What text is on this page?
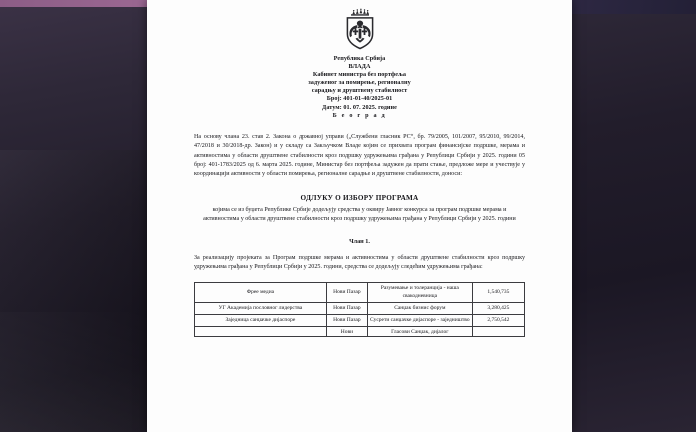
Република Србија
ВЛАДА
Кабинет министра без портфеља
задуженог за помирење, регионалну
сарадњу и друштвену стабилност
Број: 401-01-40/2025-01
Датум: 01. 07. 2025. године
Б е о г р а д

На основу члана 23. став 2. Закона о државној управи („Службени гласник РС“, бр. 79/2005, 101/2007, 95/2010, 99/2014, 47/2018 и 30/2018-др. Закон) и у складу са Закључком Владе којим се прихвата програм финансијске подршке, мерама и активностима у области друштвене стабилности кроз подршку удружењима грађана у Републици Србији у 2025. години 05 број: 401-1783/2025 од 6. марта 2025. године, Министар без портфеља задужен да прати стање, предложе мере и учествује у координацији активности у области помирења, регионалне сарадње и друштвене стабилности, доноси:

ОДЛУКУ О ИЗБОРУ ПРОГРАМА
којима се из буџета Републике Србије додељују средства у оквиру Јавног конкурса за програм подршке мерама и активностима у области друштвене стабилности кроз подршку удружењима грађана у Републици Србији у 2025. години
Члан 1.

За реализацију пројеката за Програм подршке мерама и активностима у области друштвене стабилности кроз подршку удружењима грађана у Републици Србији у 2025. години, средства се додељују следећим удружењима грађана:

Фрее медиа	Нови Пазар	Разумевање и толеранција - наша свакодневница	1,540,735
УГ Академија пословног лидерства	Нови Пазар	Санџак бизнис форум	3,280,425
Заједница санџачке дијаспоре	Нови Пазар	Сусрети санџачке дијаспоре - заједништво	2,750,542
	Нови	Гласови Санџак, дијалог	
